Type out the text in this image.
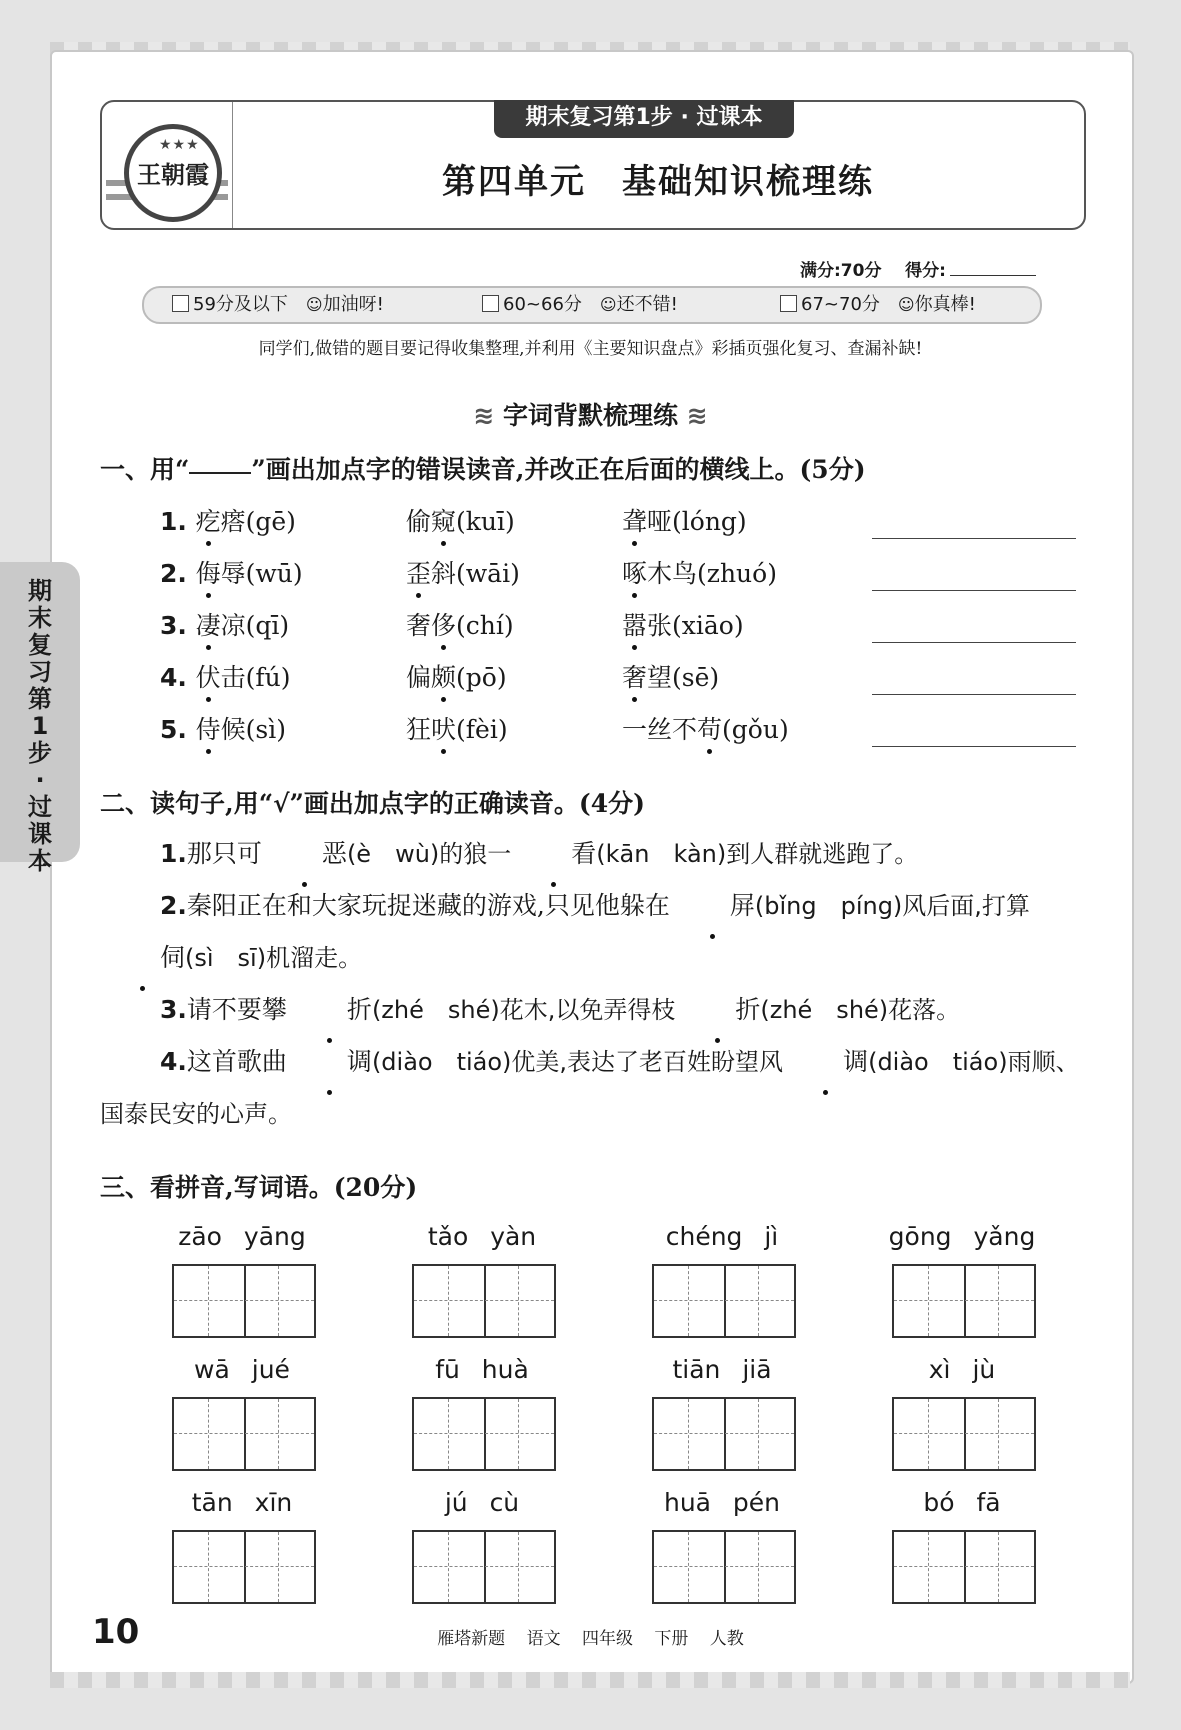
期
末
复
习
第
1
步
·
过
课
本
★★★
王朝霞
期末复习第1步 · 过课本
第四单元　基础知识梳理练
满分:70分 得分:
59分及以下 ☺加油呀!	60~66分 ☺还不错!	67~70分 ☺你真棒!
同学们,做错的题目要记得收集整理,并利用《主要知识盘点》彩插页强化复习、查漏补缺!
≋ 字词背默梳理练 ≋
一、用“ ”画出加点字的错误读音,并改正在后面的横线上。(5分)
1. 疙瘩(gē)	偷窥(kuī)	聋哑(lóng)
2. 侮辱(wū)	歪斜(wāi)	啄木鸟(zhuó)
3. 凄凉(qī)	奢侈(chí)	嚣张(xiāo)
4. 伏击(fú)	偏颇(pō)	奢望(sē)
5. 侍候(sì)	狂吠(fèi)	一丝不苟(gǒu)
二、读句子,用“√”画出加点字的正确读音。(4分)
1.那只可 恶(è　wù)的狼一 看(kān　kàn)到人群就逃跑了。
2.秦阳正在和大家玩捉迷藏的游戏,只见他躲在 屏(bǐng　píng)风后面,打算伺(sì　sī)机溜走。
3.请不要攀 折(zhé　shé)花木,以免弄得枝 折(zhé　shé)花落。
4.这首歌曲 调(diào　tiáo)优美,表达了老百姓盼望风 调(diào　tiáo)雨顺、国泰民安的心声。
三、看拼音,写词语。(20分)
zāo yāng	tǎo yàn	chéng jì	gōng yǎng
wā jué	fū huà	tiān jiā	xì jù
tān xīn	jú cù	huā pén	bó fā
10	雁塔新题 语文 四年级 下册 人教
